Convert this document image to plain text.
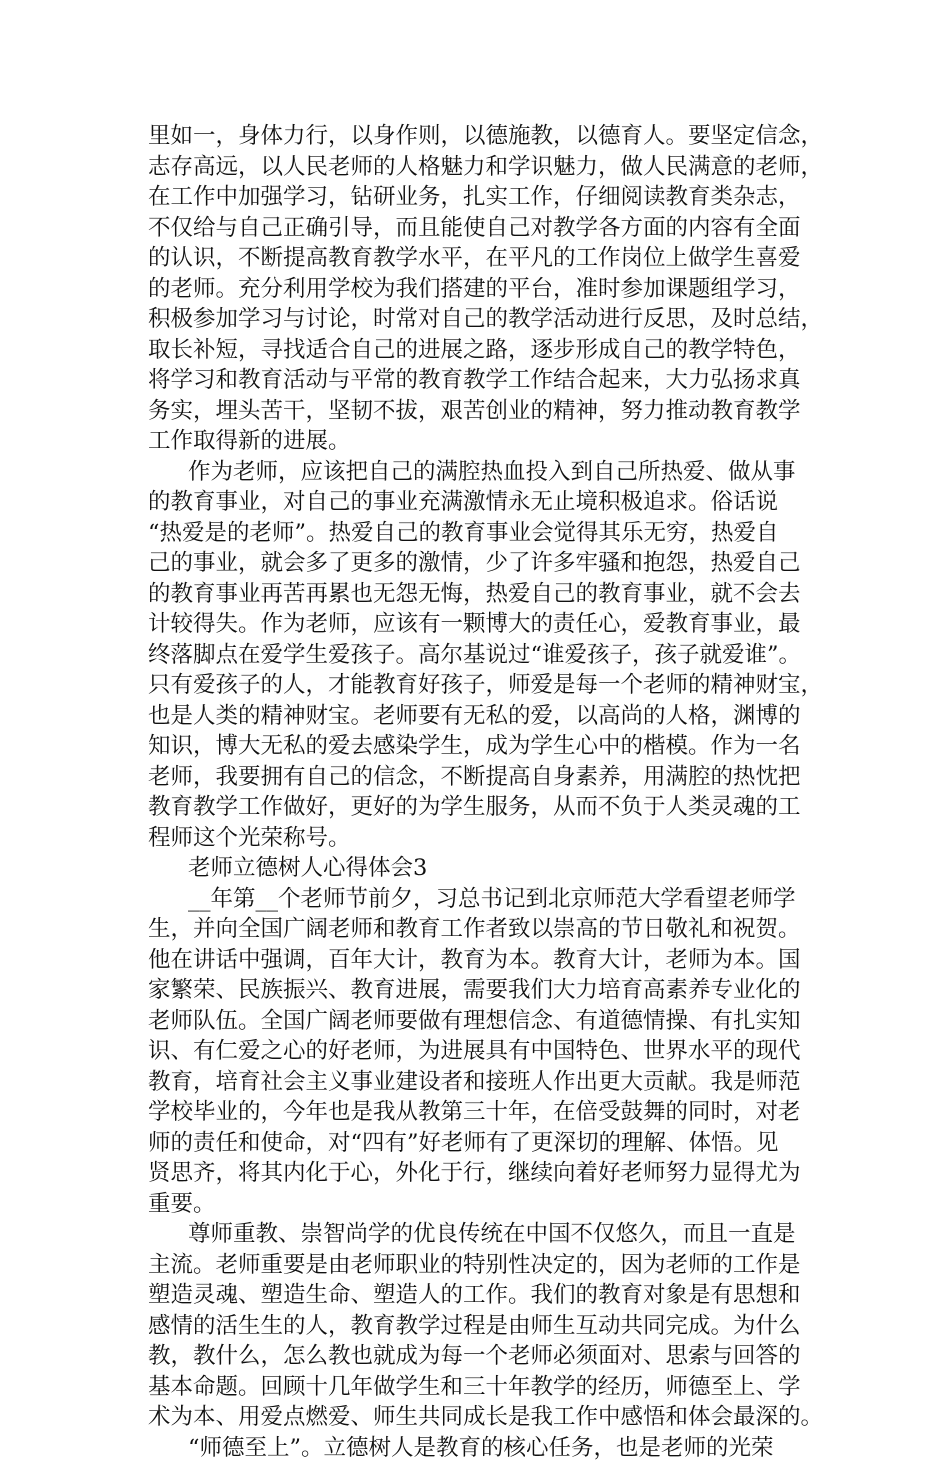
里如一，身体力行，以身作则，以德施教，以德育人。要坚定信念，
志存高远，以人民老师的人格魅力和学识魅力，做人民满意的老师，
在工作中加强学习，钻研业务，扎实工作，仔细阅读教育类杂志，
不仅给与自己正确引导，而且能使自己对教学各方面的内容有全面
的认识，不断提高教育教学水平，在平凡的工作岗位上做学生喜爱
的老师。充分利用学校为我们搭建的平台，准时参加课题组学习，
积极参加学习与讨论，时常对自己的教学活动进行反思，及时总结，
取长补短，寻找适合自己的进展之路，逐步形成自己的教学特色，
将学习和教育活动与平常的教育教学工作结合起来，大力弘扬求真
务实，埋头苦干，坚韧不拔，艰苦创业的精神，努力推动教育教学
工作取得新的进展。
作为老师，应该把自己的满腔热血投入到自己所热爱、做从事
的教育事业，对自己的事业充满激情永无止境积极追求。俗话说
“热爱是的老师”。热爱自己的教育事业会觉得其乐无穷，热爱自
己的事业，就会多了更多的激情，少了许多牢骚和抱怨，热爱自己
的教育事业再苦再累也无怨无悔，热爱自己的教育事业，就不会去
计较得失。作为老师，应该有一颗博大的责任心，爱教育事业，最
终落脚点在爱学生爱孩子。高尔基说过“谁爱孩子，孩子就爱谁”。
只有爱孩子的人，才能教育好孩子，师爱是每一个老师的精神财宝，
也是人类的精神财宝。老师要有无私的爱，以高尚的人格，渊博的
知识，博大无私的爱去感染学生，成为学生心中的楷模。作为一名
老师，我要拥有自己的信念，不断提高自身素养，用满腔的热忱把
教育教学工作做好，更好的为学生服务，从而不负于人类灵魂的工
程师这个光荣称号。
老师立德树人心得体会3
__年第__个老师节前夕，习总书记到北京师范大学看望老师学
生，并向全国广阔老师和教育工作者致以崇高的节日敬礼和祝贺。
他在讲话中强调，百年大计，教育为本。教育大计，老师为本。国
家繁荣、民族振兴、教育进展，需要我们大力培育高素养专业化的
老师队伍。全国广阔老师要做有理想信念、有道德情操、有扎实知
识、有仁爱之心的好老师，为进展具有中国特色、世界水平的现代
教育，培育社会主义事业建设者和接班人作出更大贡献。我是师范
学校毕业的，今年也是我从教第三十年，在倍受鼓舞的同时，对老
师的责任和使命，对“四有”好老师有了更深切的理解、体悟。见
贤思齐，将其内化于心，外化于行，继续向着好老师努力显得尤为
重要。
尊师重教、崇智尚学的优良传统在中国不仅悠久，而且一直是
主流。老师重要是由老师职业的特别性决定的，因为老师的工作是
塑造灵魂、塑造生命、塑造人的工作。我们的教育对象是有思想和
感情的活生生的人，教育教学过程是由师生互动共同完成。为什么
教，教什么，怎么教也就成为每一个老师必须面对、思索与回答的
基本命题。回顾十几年做学生和三十年教学的经历，师德至上、学
术为本、用爱点燃爱、师生共同成长是我工作中感悟和体会最深的。
“师德至上”。立德树人是教育的核心任务，也是老师的光荣
